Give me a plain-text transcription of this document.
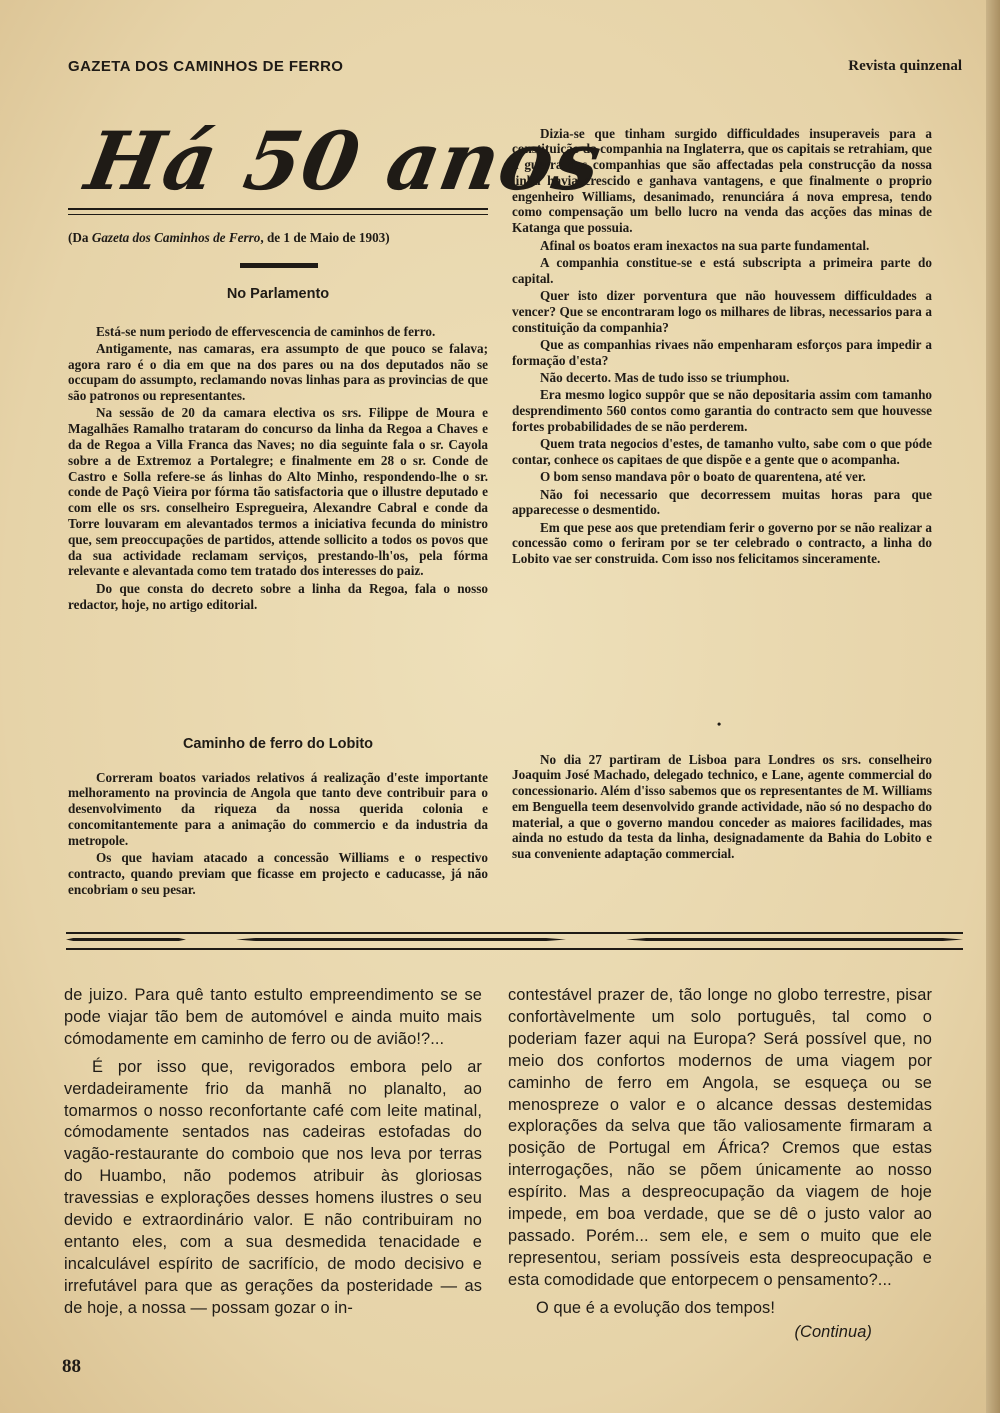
GAZETA DOS CAMINHOS DE FERRO	Revista quinzenal
Há 50 anos
(Da Gazeta dos Caminhos de Ferro, de 1 de Maio de 1903)
No Parlamento

Está-se num periodo de effervescencia de caminhos de ferro.

Antigamente, nas camaras, era assumpto de que pouco se falava; agora raro é o dia em que na dos pares ou na dos deputados não se occupam do assumpto, reclamando novas linhas para as provincias de que são patronos ou representantes.

Na sessão de 20 da camara electiva os srs. Filippe de Moura e Magalhães Ramalho trataram do concurso da linha da Regoa a Chaves e da de Regoa a Villa Franca das Naves; no dia seguinte fala o sr. Cayola sobre a de Extremoz a Portalegre; e finalmente em 28 o sr. Conde de Castro e Solla refere-se ás linhas do Alto Minho, respondendo-lhe o sr. conde de Paçô Vieira por fórma tão satisfactoria que o illustre deputado e com elle os srs. conselheiro Espregueira, Alexandre Cabral e conde da Torre louvaram em alevantados termos a iniciativa fecunda do ministro que, sem preoccupações de partidos, attende sollicito a todos os povos que da sua actividade reclamam serviços, prestando-lh'os, pela fórma relevante e alevantada como tem tratado dos interesses do paiz.

Do que consta do decreto sobre a linha da Regoa, fala o nosso redactor, hoje, no artigo editorial.

Caminho de ferro do Lobito

Correram boatos variados relativos á realização d'este importante melhoramento na provincia de Angola que tanto deve contribuir para o desenvolvimento da riqueza da nossa querida colonia e concomitantemente para a animação do commercio e da industria da metropole.

Os que haviam atacado a concessão Williams e o respectivo contracto, quando previam que ficasse em projecto e caducasse, já não encobriam o seu pesar.

Dizia-se que tinham surgido difficuldades insuperaveis para a constituição da companhia na Inglaterra, que os capitais se retrahiam, que a guerra das companhias que são affectadas pela construcção da nossa linha havia crescido e ganhava vantagens, e que finalmente o proprio engenheiro Williams, desanimado, renunciára á nova empresa, tendo como compensação um bello lucro na venda das acções das minas de Katanga que possuia.

Afinal os boatos eram inexactos na sua parte fundamental.

A companhia constitue-se e está subscripta a primeira parte do capital.

Quer isto dizer porventura que não houvessem difficuldades a vencer? Que se encontraram logo os milhares de libras, necessarios para a constituição da companhia?

Que as companhias rivaes não empenharam esforços para impedir a formação d'esta?

Não decerto. Mas de tudo isso se triumphou.

Era mesmo logico suppôr que se não depositaria assim com tamanho desprendimento 560 contos como garantia do contracto sem que houvesse fortes probabilidades de se não perderem.

Quem trata negocios d'estes, de tamanho vulto, sabe com o que póde contar, conhece os capitaes de que dispõe e a gente que o acompanha.

O bom senso mandava pôr o boato de quarentena, até ver.

Não foi necessario que decorressem muitas horas para que apparecesse o desmentido.

Em que pese aos que pretendiam ferir o governo por se não realizar a concessão como o feriram por se ter celebrado o contracto, a linha do Lobito vae ser construida. Com isso nos felicitamos sinceramente.

•

No dia 27 partiram de Lisboa para Londres os srs. conselheiro Joaquim José Machado, delegado technico, e Lane, agente commercial do concessionario. Além d'isso sabemos que os representantes de M. Williams em Benguella teem desenvolvido grande actividade, não só no despacho do material, a que o governo mandou conceder as maiores facilidades, mas ainda no estudo da testa da linha, designadamente da Bahia do Lobito e sua conveniente adaptação commercial.

de juizo. Para quê tanto estulto empreendimento se se pode viajar tão bem de automóvel e ainda muito mais cómodamente em caminho de ferro ou de avião!?...

É por isso que, revigorados embora pelo ar verdadeiramente frio da manhã no planalto, ao tomarmos o nosso reconfortante café com leite matinal, cómodamente sentados nas cadeiras estofadas do vagão-restaurante do comboio que nos leva por terras do Huambo, não podemos atribuir às gloriosas travessias e explorações desses homens ilustres o seu devido e extraordinário valor. E não contribuiram no entanto eles, com a sua desmedida tenacidade e incalculável espírito de sacrifício, de modo decisivo e irrefutável para que as gerações da posteridade — as de hoje, a nossa — possam gozar o in-

contestável prazer de, tão longe no globo terrestre, pisar confortàvelmente um solo português, tal como o poderiam fazer aqui na Europa? Será possível que, no meio dos confortos modernos de uma viagem por caminho de ferro em Angola, se esqueça ou se menospreze o valor e o alcance dessas destemidas explorações da selva que tão valiosamente firmaram a posição de Portugal em África? Cremos que estas interrogações, não se põem únicamente ao nosso espírito. Mas a despreocupação da viagem de hoje impede, em boa verdade, que se dê o justo valor ao passado. Porém... sem ele, e sem o muito que ele representou, seriam possíveis esta despreocupação e esta comodidade que entorpecem o pensamento?...

O que é a evolução dos tempos!

(Continua)

88
